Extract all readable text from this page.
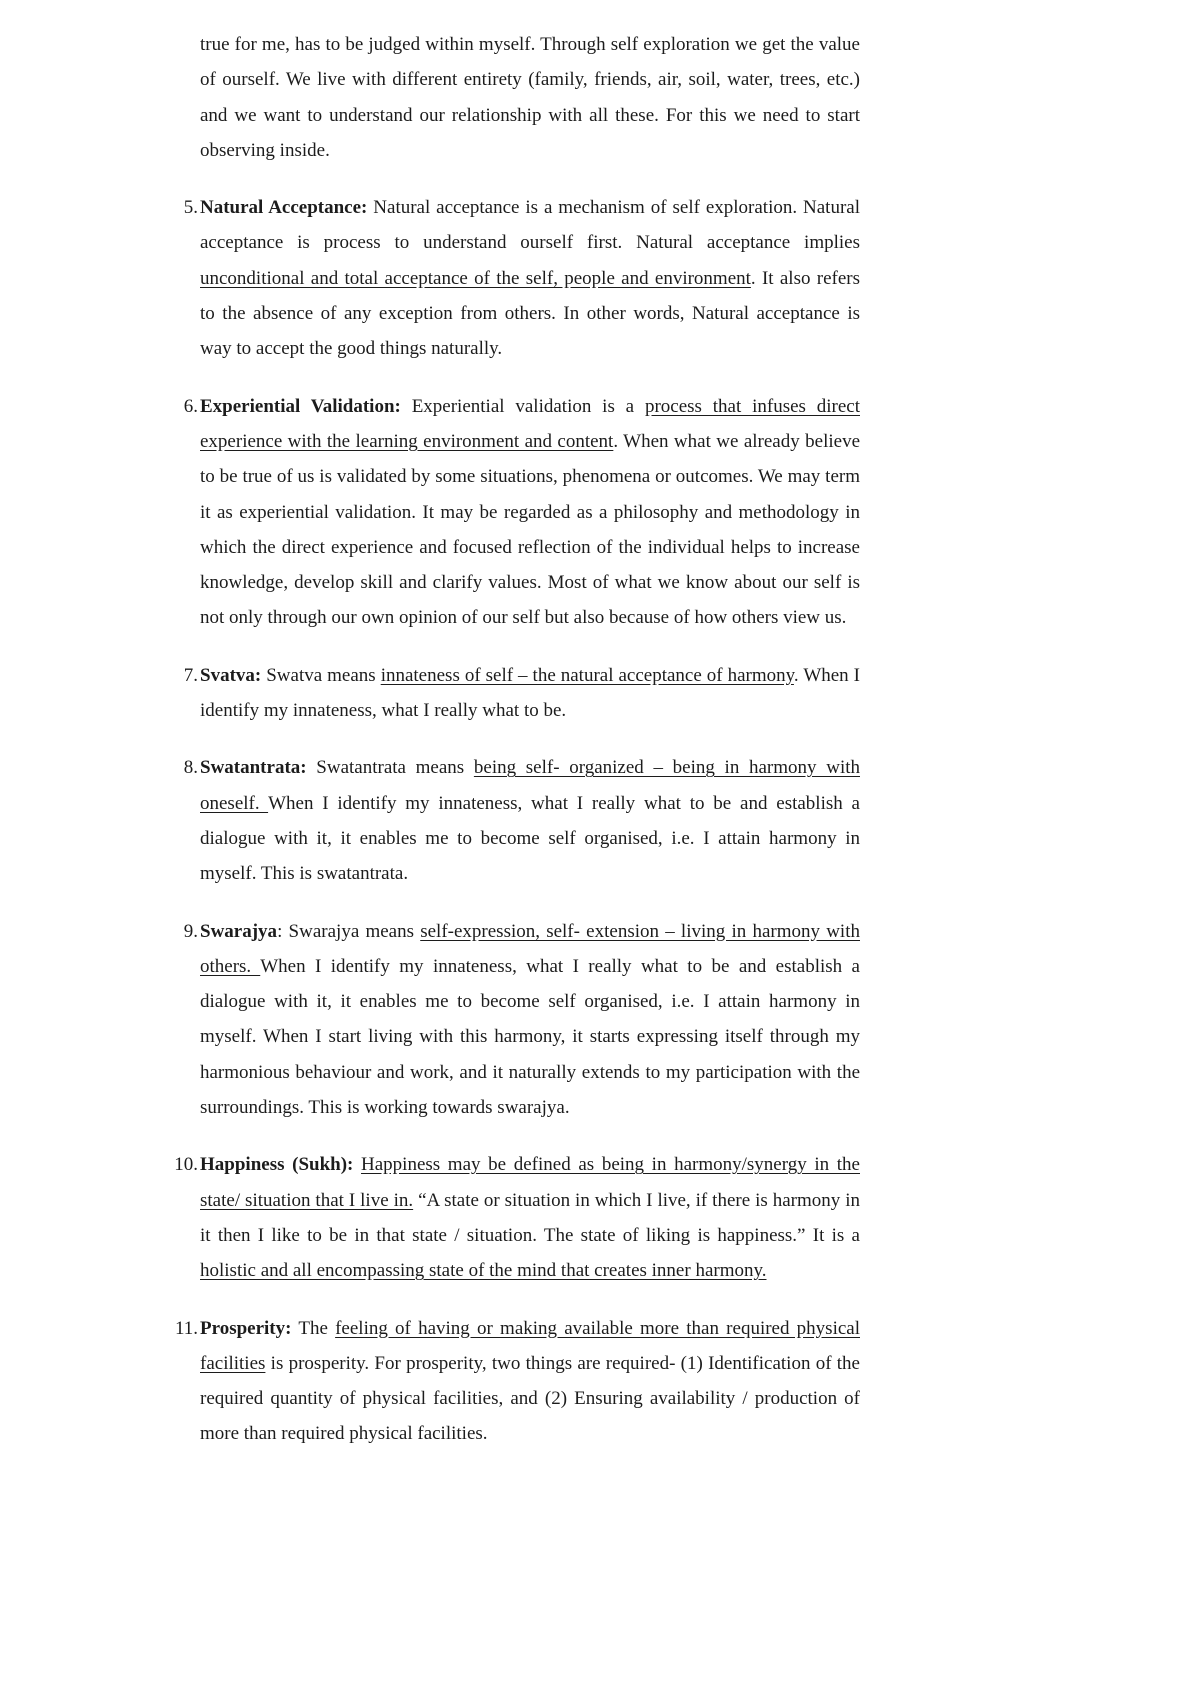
true for me, has to be judged within myself. Through self exploration we get the value of ourself. We live with different entirety (family, friends, air, soil, water, trees, etc.) and we want to understand our relationship with all these. For this we need to start observing inside.

5. Natural Acceptance: Natural acceptance is a mechanism of self exploration. Natural acceptance is process to understand ourself first. Natural acceptance implies unconditional and total acceptance of the self, people and environment. It also refers to the absence of any exception from others. In other words, Natural acceptance is way to accept the good things naturally.
6. Experiential Validation: Experiential validation is a process that infuses direct experience with the learning environment and content. When what we already believe to be true of us is validated by some situations, phenomena or outcomes. We may term it as experiential validation. It may be regarded as a philosophy and methodology in which the direct experience and focused reflection of the individual helps to increase knowledge, develop skill and clarify values. Most of what we know about our self is not only through our own opinion of our self but also because of how others view us.
7. Svatva: Swatva means innateness of self – the natural acceptance of harmony. When I identify my innateness, what I really what to be.
8. Swatantrata: Swatantrata means being self- organized – being in harmony with oneself. When I identify my innateness, what I really what to be and establish a dialogue with it, it enables me to become self organised, i.e. I attain harmony in myself. This is swatantrata.
9. Swarajya: Swarajya means self-expression, self- extension – living in harmony with others. When I identify my innateness, what I really what to be and establish a dialogue with it, it enables me to become self organised, i.e. I attain harmony in myself. When I start living with this harmony, it starts expressing itself through my harmonious behaviour and work, and it naturally extends to my participation with the surroundings. This is working towards swarajya.
10. Happiness (Sukh): Happiness may be defined as being in harmony/synergy in the state/ situation that I live in. “A state or situation in which I live, if there is harmony in it then I like to be in that state / situation. The state of liking is happiness.” It is a holistic and all encompassing state of the mind that creates inner harmony.
11. Prosperity: The feeling of having or making available more than required physical facilities is prosperity. For prosperity, two things are required- (1) Identification of the required quantity of physical facilities, and (2) Ensuring availability / production of more than required physical facilities.
